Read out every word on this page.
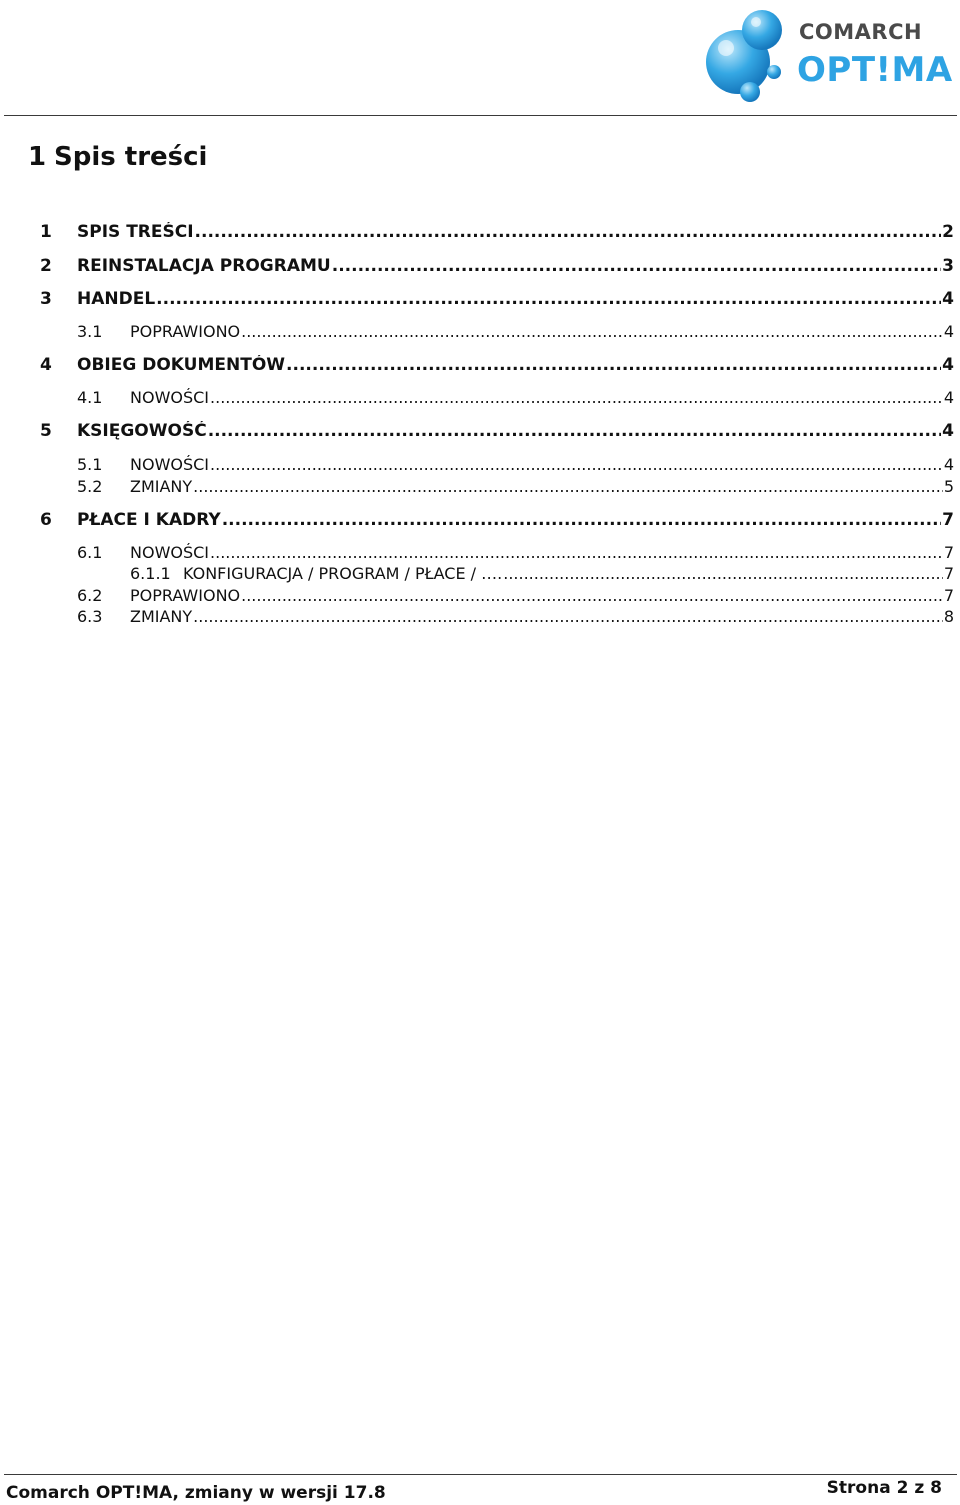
COMARCH
OPT!MA
1 Spis treści
1	SPIS TREŚCI .....	2
2	REINSTALACJA PROGRAMU .....	3
3	HANDEL .....	4
3.1	POPRAWIONO .....	4
4	OBIEG DOKUMENTÓW .....	4
4.1	NOWOŚCI .....	4
5	KSIĘGOWOŚĆ .....	4
5.1	NOWOŚCI .....	4
5.2	ZMIANY .....	5
6	PŁACE I KADRY .....	7
6.1	NOWOŚCI .....	7
6.1.1 KONFIGURACJA / PROGRAM / PŁACE / …. .....	7
6.2	POPRAWIONO .....	7
6.3	ZMIANY .....	8
Comarch OPT!MA, zmiany w wersji 17.8	Strona 2 z 8
